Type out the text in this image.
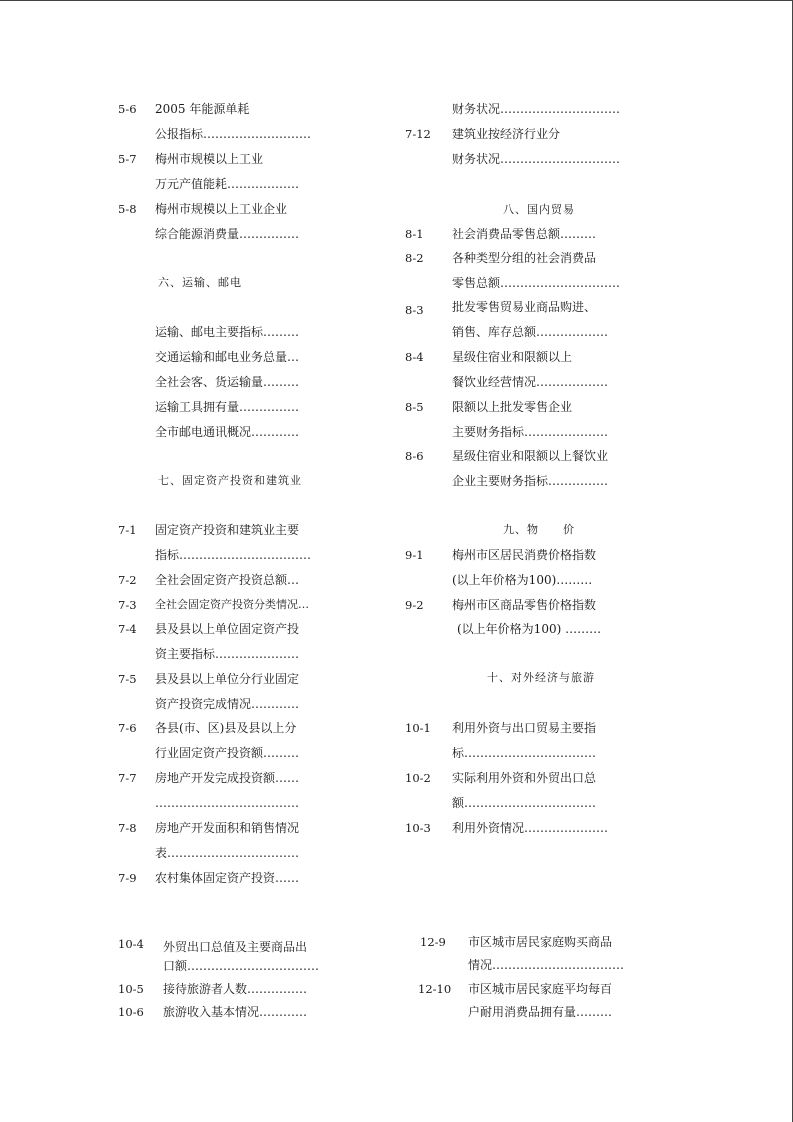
5-6 2005 年能源单耗
公报指标………………………
5-7 梅州市规模以上工业
万元产值能耗………………
5-8 梅州市规模以上工业企业
综合能源消费量……………
六、运输、邮电
运输、邮电主要指标………
交通运输和邮电业务总量…
全社会客、货运输量………
运输工具拥有量……………
全市邮电通讯概况…………
七、固定资产投资和建筑业
7-1 固定资产投资和建筑业主要
指标……………………………
7-2 全社会固定资产投资总额…
7-3 全社会固定资产投资分类情况…
7-4 县及县以上单位固定资产投
资主要指标…………………
7-5 县及县以上单位分行业固定
资产投资完成情况…………
7-6 各县(市、区)县及县以上分
行业固定资产投资额………
7-7 房地产开发完成投资额……
………………………………
7-8 房地产开发面积和销售情况
表……………………………
7-9 农村集体固定资产投资……
财务状况…………………………
7-12 建筑业按经济行业分
财务状况…………………………
八、国内贸易
8-1 社会消费品零售总额………
8-2 各种类型分组的社会消费品
零售总额…………………………
8-3 批发零售贸易业商品购进、
销售、库存总额………………
8-4 星级住宿业和限额以上
餐饮业经营情况………………
8-5 限额以上批发零售企业
主要财务指标…………………
8-6 星级住宿业和限额以上餐饮业
企业主要财务指标……………
九、物　　价
9-1 梅州市区居民消费价格指数
(以上年价格为100)………
9-2 梅州市区商品零售价格指数
(以上年价格为100) ………
十、对外经济与旅游
10-1 利用外资与出口贸易主要指
标……………………………
10-2 实际利用外资和外贸出口总
额……………………………
10-3 利用外资情况…………………
10-4 外贸出口总值及主要商品出
口额……………………………
10-5 接待旅游者人数……………
10-6 旅游收入基本情况…………
12-9 市区城市居民家庭购买商品
情况……………………………
12-10 市区城市居民家庭平均每百
户耐用消费品拥有量………
